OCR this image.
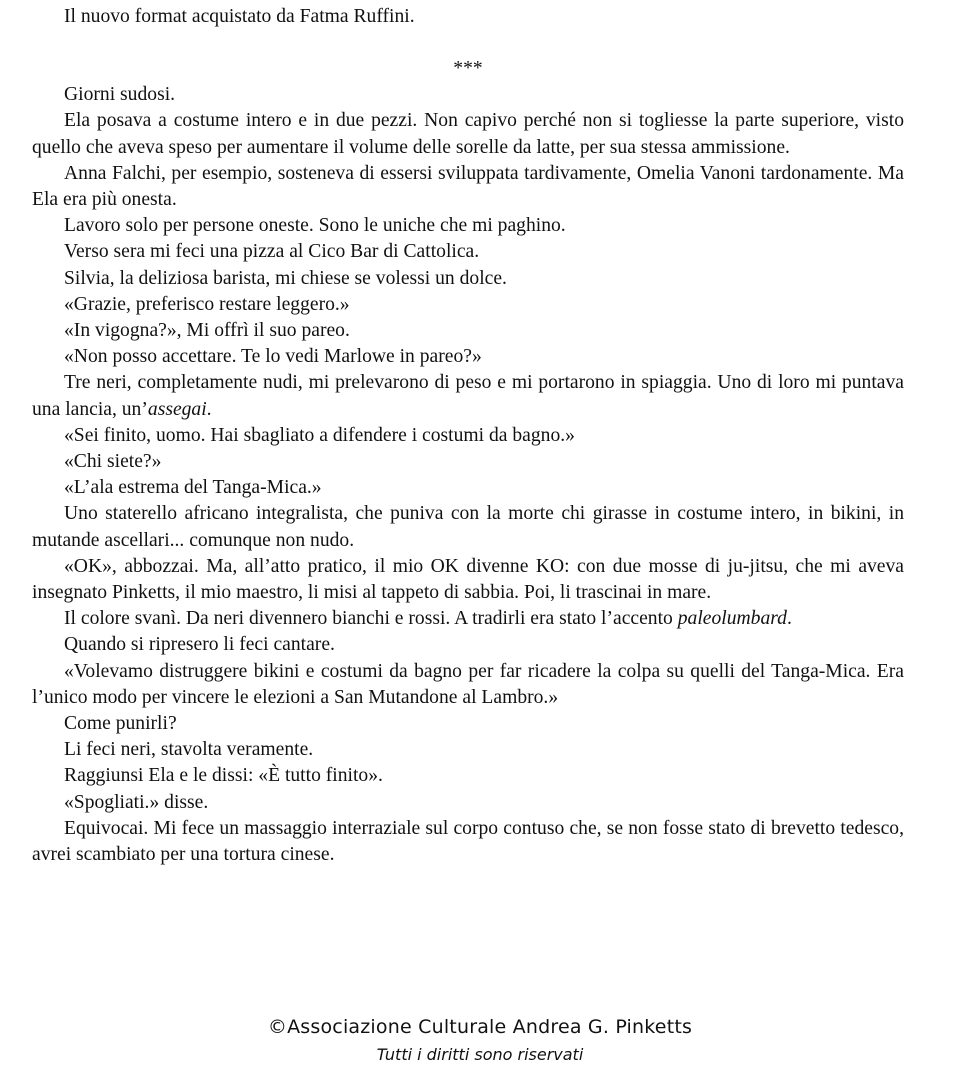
Il nuovo format acquistato da Fatma Ruffini.

***

Giorni sudosi.

Ela posava a costume intero e in due pezzi. Non capivo perché non si togliesse la parte superiore, visto quello che aveva speso per aumentare il volume delle sorelle da latte, per sua stessa ammissione.

Anna Falchi, per esempio, sosteneva di essersi sviluppata tardivamente, Omelia Vanoni tardonamente. Ma Ela era più onesta.

Lavoro solo per persone oneste. Sono le uniche che mi paghino.

Verso sera mi feci una pizza al Cico Bar di Cattolica.

Silvia, la deliziosa barista, mi chiese se volessi un dolce.

«Grazie, preferisco restare leggero.»

«In vigogna?», Mi offrì il suo pareo.

«Non posso accettare. Te lo vedi Marlowe in pareo?»

Tre neri, completamente nudi, mi prelevarono di peso e mi portarono in spiaggia. Uno di loro mi puntava una lancia, un’assegai.

«Sei finito, uomo. Hai sbagliato a difendere i costumi da bagno.»

«Chi siete?»

«L’ala estrema del Tanga-Mica.»

Uno staterello africano integralista, che puniva con la morte chi girasse in costume intero, in bikini, in mutande ascellari... comunque non nudo.

«OK», abbozzai. Ma, all’atto pratico, il mio OK divenne KO: con due mosse di ju-jitsu, che mi aveva insegnato Pinketts, il mio maestro, li misi al tappeto di sabbia. Poi, li trascinai in mare.

Il colore svanì. Da neri divennero bianchi e rossi. A tradirli era stato l’accento paleolumbard.

Quando si ripresero li feci cantare.

«Volevamo distruggere bikini e costumi da bagno per far ricadere la colpa su quelli del Tanga-Mica. Era l’unico modo per vincere le elezioni a San Mutandone al Lambro.»

Come punirli?

Li feci neri, stavolta veramente.

Raggiunsi Ela e le dissi: «È tutto finito».

«Spogliati.» disse.

Equivocai. Mi fece un massaggio interraziale sul corpo contuso che, se non fosse stato di brevetto tedesco, avrei scambiato per una tortura cinese.

©Associazione Culturale Andrea G. Pinketts
Tutti i diritti sono riservati
